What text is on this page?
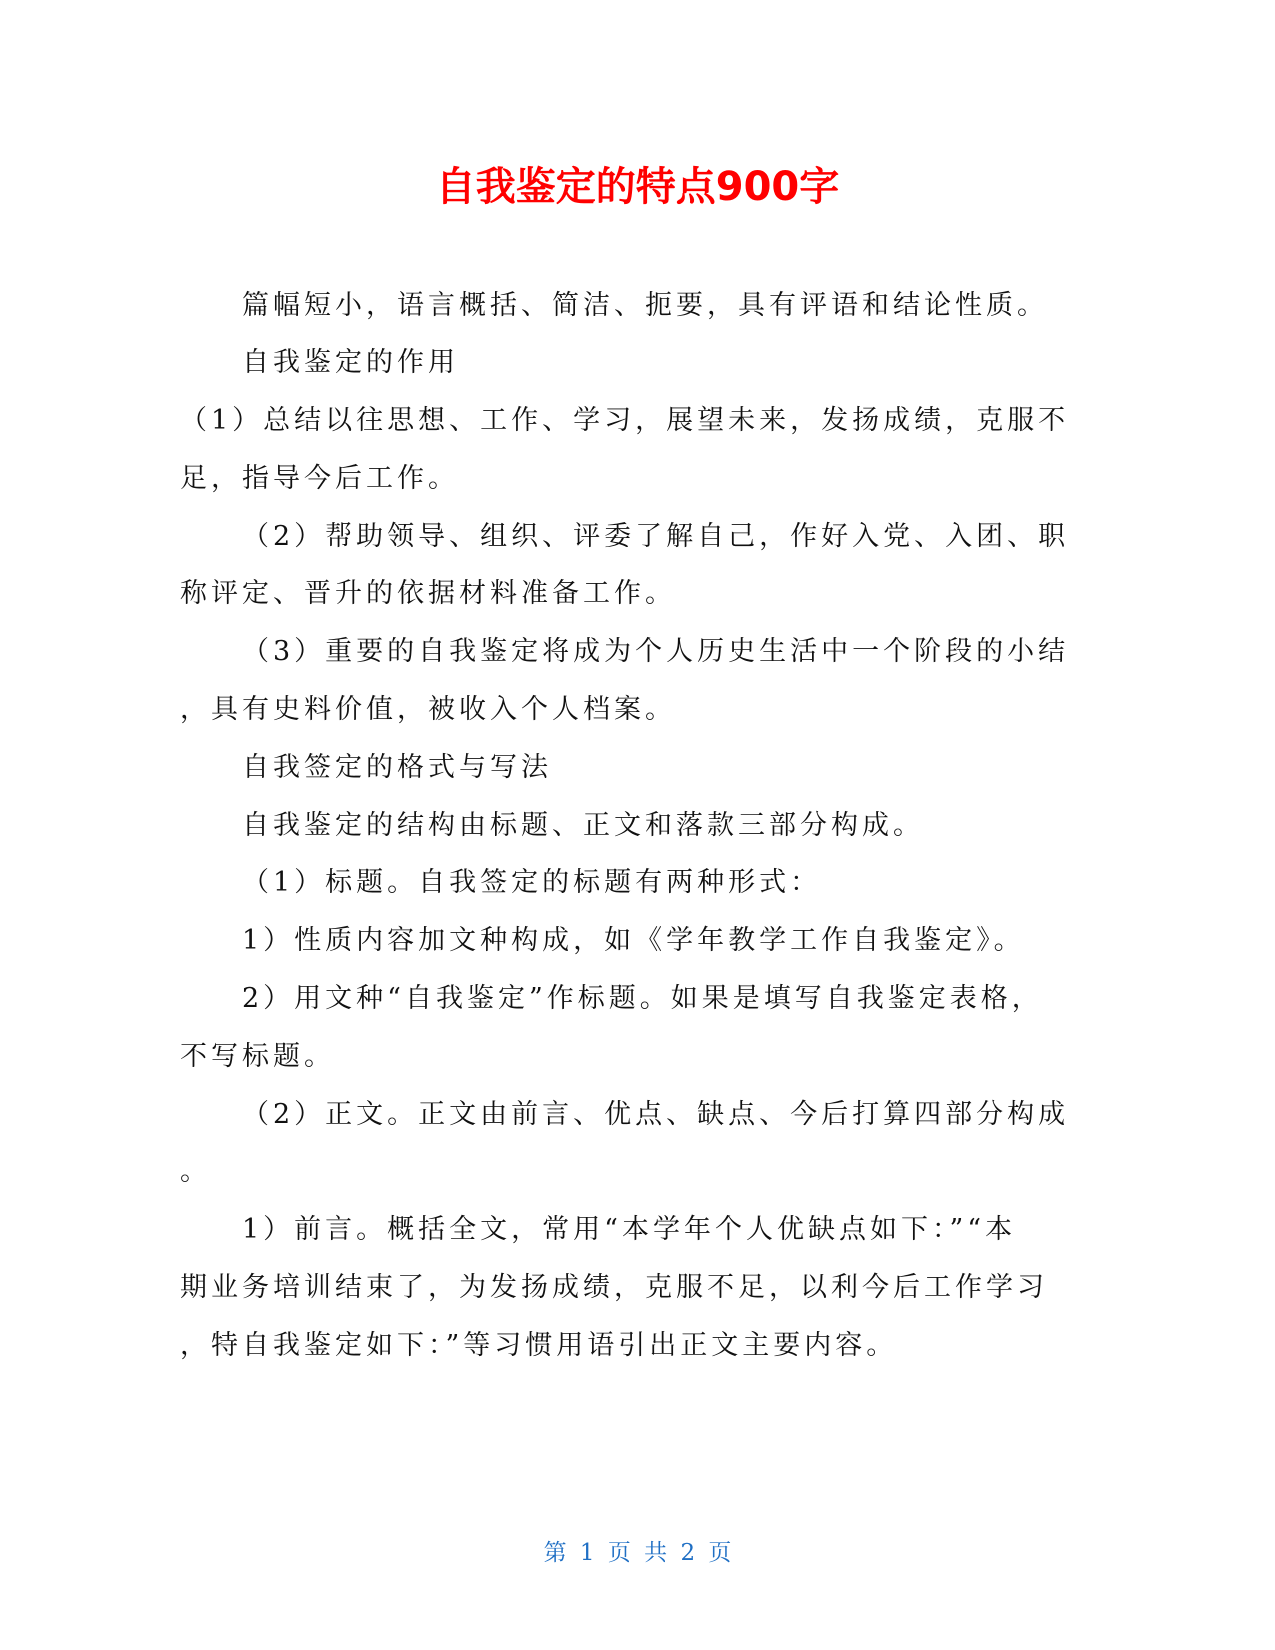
自我鉴定的特点900字
篇幅短小，语言概括、简洁、扼要，具有评语和结论性质。
自我鉴定的作用
（1）总结以往思想、工作、学习，展望未来，发扬成绩，克服不
足，指导今后工作。
（2）帮助领导、组织、评委了解自己，作好入党、入团、职
称评定、晋升的依据材料准备工作。
（3）重要的自我鉴定将成为个人历史生活中一个阶段的小结
，具有史料价值，被收入个人档案。
自我签定的格式与写法
自我鉴定的结构由标题、正文和落款三部分构成。
（1）标题。自我签定的标题有两种形式：
1）性质内容加文种构成，如《学年教学工作自我鉴定》。
2）用文种“自我鉴定”作标题。如果是填写自我鉴定表格，
不写标题。
（2）正文。正文由前言、优点、缺点、今后打算四部分构成
。
1）前言。概括全文，常用“本学年个人优缺点如下：”“本
期业务培训结束了，为发扬成绩，克服不足，以利今后工作学习
，特自我鉴定如下：”等习惯用语引出正文主要内容。
第 1 页 共 2 页
